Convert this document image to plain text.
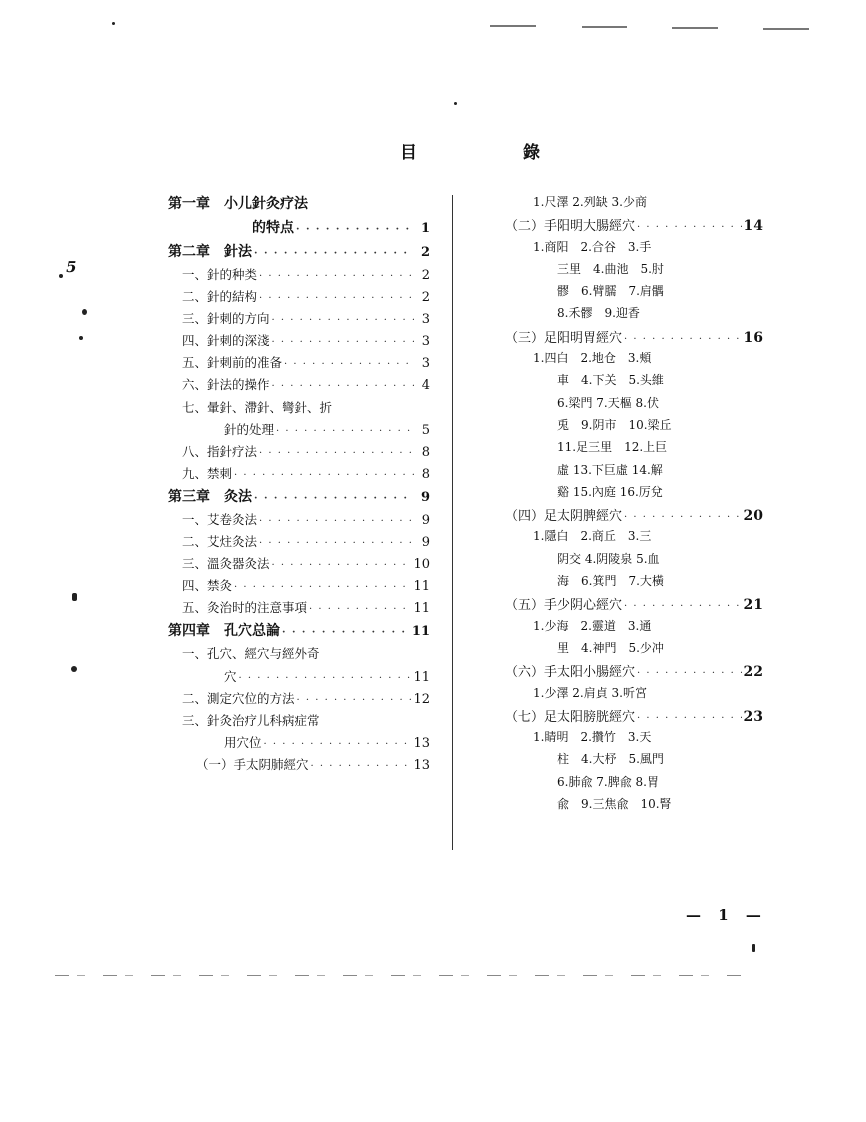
目	錄
第一章　小儿針灸疗法
的特点 · · ·	1
第二章　針法 · · ·	2
一、針的种类 · · ·	2
二、針的結构 · · ·	2
三、針刺的方向 · · ·	3
四、針刺的深淺 · · ·	3
五、針刺前的准备 · · ·	3
六、針法的操作 · · ·	4
七、暈針、滯針、彎針、折
針的处理 · · ·	5
八、指針疗法 · · ·	8
九、禁刺 · · ·	8
第三章　灸法 · · ·	9
一、艾卷灸法 · · ·	9
二、艾炷灸法 · · ·	9
三、溫灸器灸法 · · ·	10
四、禁灸 · · ·	11
五、灸治时的注意事項 · · ·	11
第四章　孔穴总論 · · ·	11
一、孔穴、經穴与經外奇
穴 · · ·	11
二、測定穴位的方法 · · ·	12
三、針灸治疗儿科病症常
用穴位 · · ·	13
（一）手太阴肺經穴 · · ·	13
1.尺澤 2.列缺 3.少商
（二）手阳明大腸經穴 · · ·	14
1.商阳　2.合谷　3.手
三里　4.曲池　5.肘
髎　6.臂臑　7.肩髃
8.禾髎　9.迎香
（三）足阳明胃經穴 · · ·	16
1.四白　2.地仓　3.頰
車　4.下关　5.头維
6.梁門 7.天樞 8.伏
兎　9.阴市　10.梁丘
11.足三里　12.上巨
虛 13.下巨虛 14.解
谿 15.內庭 16.厉兌
（四）足太阴脾經穴 · · ·	20
1.隱白　2.商丘　3.三
阴交 4.阴陵泉 5.血
海　6.箕門　7.大橫
（五）手少阴心經穴 · · ·	21
1.少海　2.靈道　3.通
里　4.神門　5.少冲
（六）手太阳小腸經穴 · · ·	22
1.少澤 2.肩貞 3.听宮
（七）足太阳膀胱經穴 · · ·	23
1.睛明　2.攢竹　3.天
柱　4.大杼　5.風門
6.肺兪 7.脾兪 8.胃
兪　9.三焦兪　10.腎
— 1 —
5
